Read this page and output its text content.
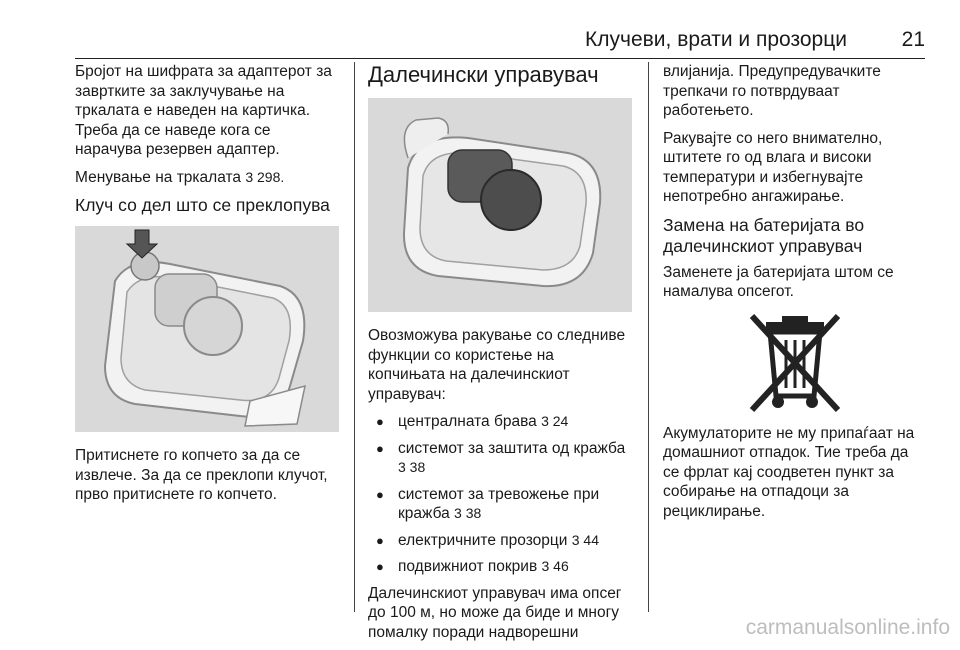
Клучеви, врати и прозорци	21

Бројот на шифрата за адаптерот за завртките за заклучување на тркалата е наведен на картичка. Треба да се наведе кога се нарачува резервен адаптер.

Менување на тркалата 3 298.

Клуч со дел што се преклопува

Притиснете го копчето за да се извлече. За да се преклопи клучот, прво притиснете го копчето.

Далечински управувач

Овозможува ракување со следниве функции со користење на копчињата на далечинскиот управувач:

● централната брава 3 24
● системот за заштита од кражба 3 38
● системот за тревожење при кражба 3 38
● електричните прозорци 3 44
● подвижниот покрив 3 46

Далечинскиот управувач има опсег до 100 м, но може да биде и многу помалку поради надворешни

влијанија. Предупредувачките трепкачи го потврдуваат работењето.

Ракувајте со него внимателно, штитете го од влага и високи температури и избегнувајте непотребно ангажирање.

Замена на батеријата во далечинскиот управувач

Заменете ја батеријата штом се намалува опсегот.

Акумулаторите не му припаѓаат на домашниот отпадок. Тие треба да се фрлат кај соодветен пункт за собирање на отпадоци за рециклирање.

carmanualsonline.info
